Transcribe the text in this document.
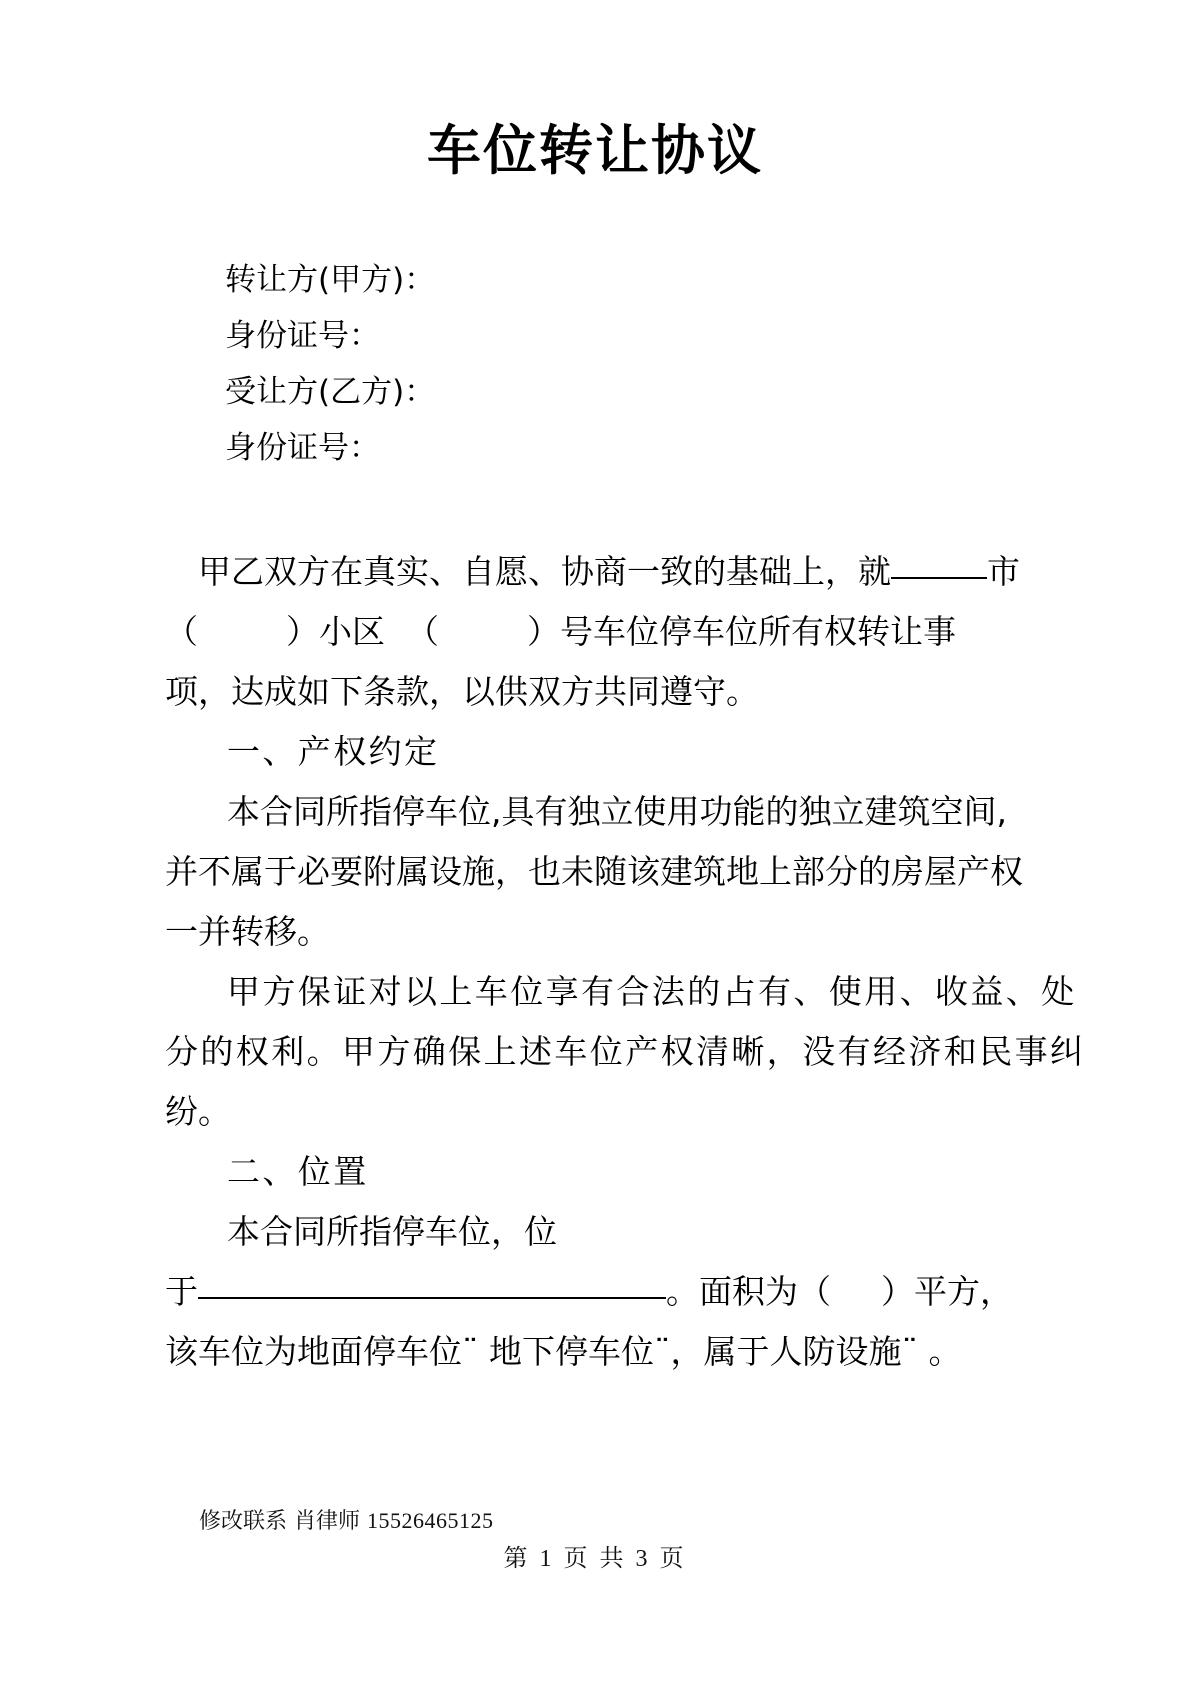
车位转让协议
转让方(甲方)：
身份证号：
受让方(乙方)：
身份证号：
甲乙双方在真实、自愿、协商一致的基础上，就	市
（	）小区  （	）号车位停车位所有权转让事
项，达成如下条款，以供双方共同遵守。
一、产权约定
本合同所指停车位,具有独立使用功能的独立建筑空间,
并不属于必要附属设施，也未随该建筑地上部分的房屋产权
一并转移。
甲方保证对以上车位享有合法的占有、使用、收益、处
分的权利。甲方确保上述车位产权清晰，没有经济和民事纠
纷。
二、位置
本合同所指停车位，位
于	。面积为（ ）平方，
该车位为地面停车位¨ 地下停车位¨，属于人防设施¨ 。
修改联系 肖律师 15526465125
第 1 页 共 3 页
